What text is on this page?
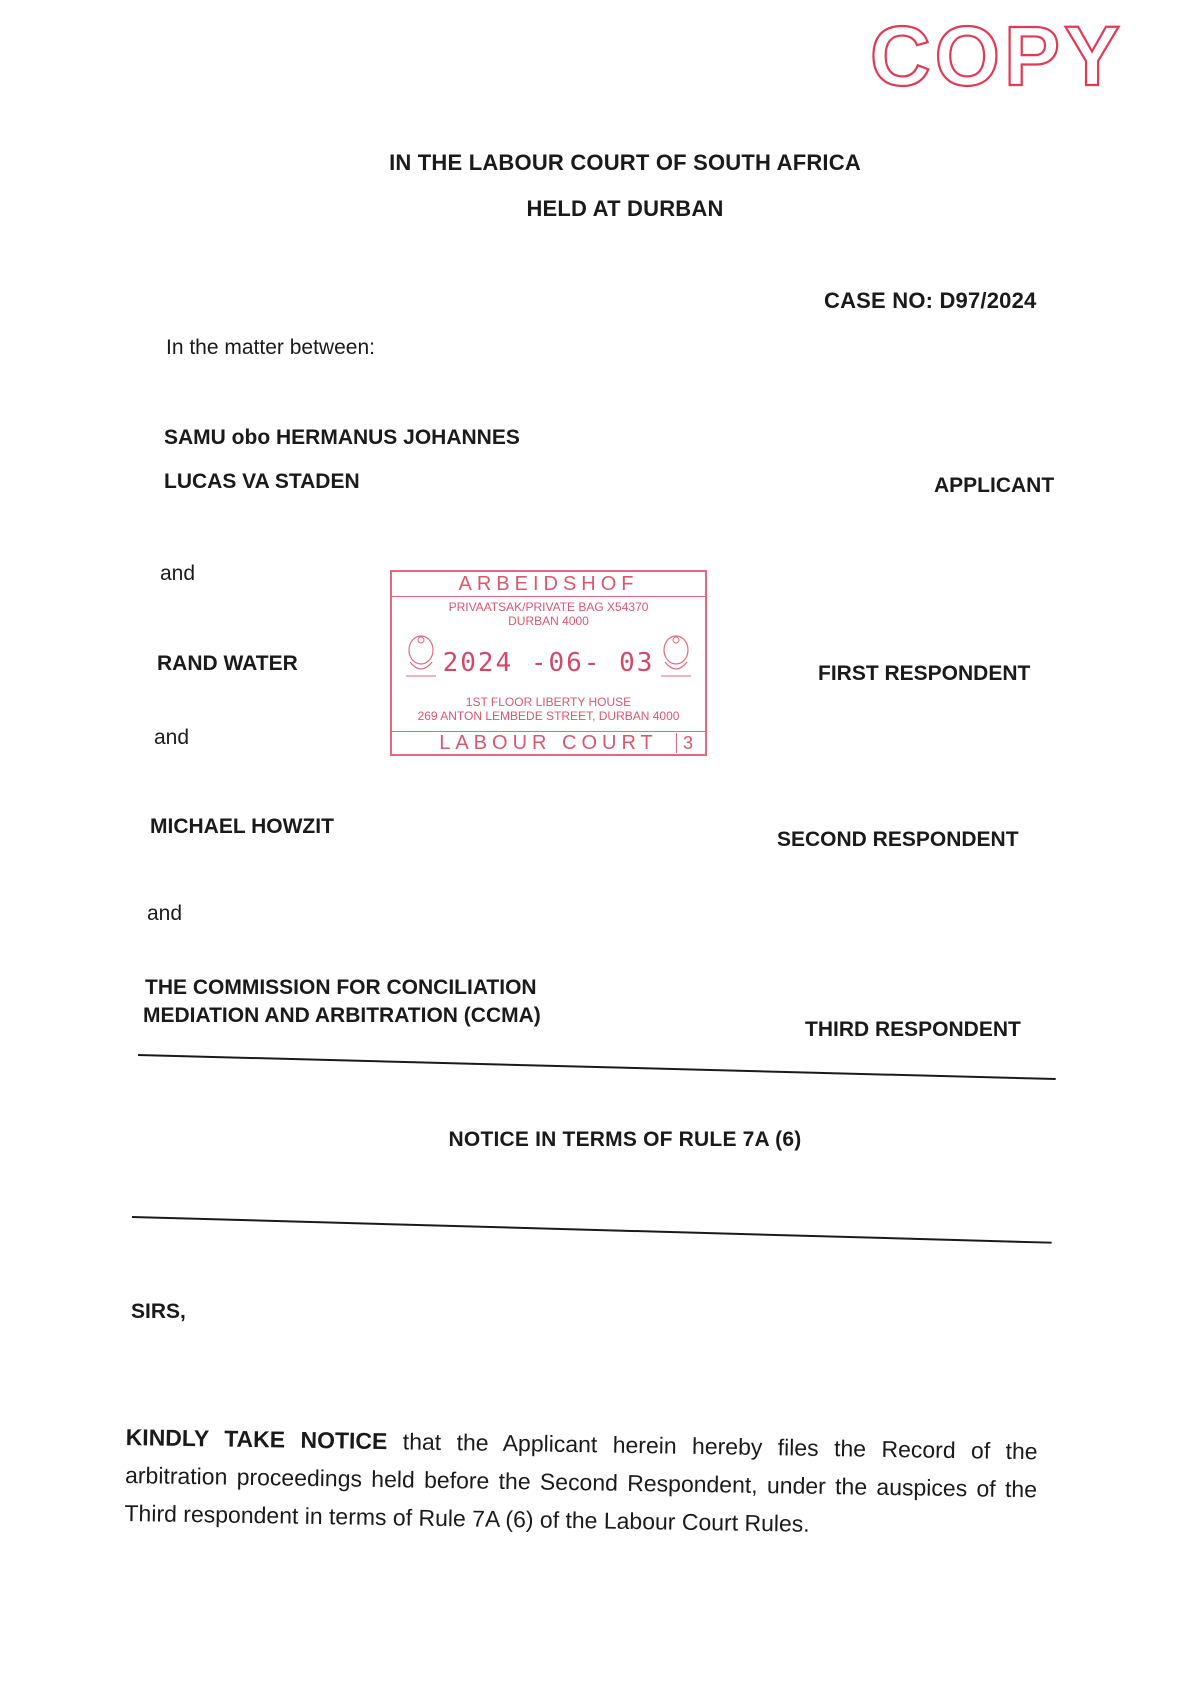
COPY
IN THE LABOUR COURT OF SOUTH AFRICA
HELD AT DURBAN
CASE NO: D97/2024
In the matter between:
SAMU obo HERMANUS JOHANNES
LUCAS VA STADEN	APPLICANT
and
RAND WATER	FIRST RESPONDENT
and
ARBEIDSHOF
PRIVAATSAK/PRIVATE BAG X54370
DURBAN 4000
2024 -06- 03
1ST FLOOR LIBERTY HOUSE
269 ANTON LEMBEDE STREET, DURBAN 4000
LABOUR COURT	3
MICHAEL HOWZIT
SECOND RESPONDENT
and
THE COMMISSION FOR CONCILIATION
MEDIATION AND ARBITRATION (CCMA)
THIRD RESPONDENT
NOTICE IN TERMS OF RULE 7A (6)
SIRS,
KINDLY TAKE NOTICE that the Applicant herein hereby files the Record of the arbitration proceedings held before the Second Respondent, under the auspices of the Third respondent in terms of Rule 7A (6) of the Labour Court Rules.
